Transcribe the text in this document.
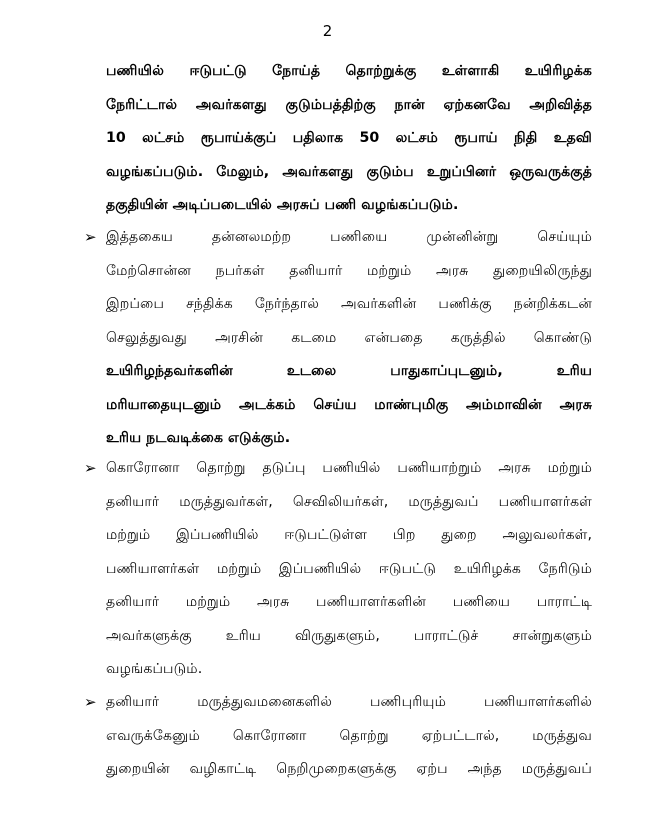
2
பணியில் ஈடுபட்டு நோய்த் தொற்றுக்கு உள்ளாகி உயிரிழக்க
நேரிட்டால் அவர்களது குடும்பத்திற்கு நான் ஏற்கனவே அறிவித்த
10 லட்சம் ரூபாய்க்குப் பதிலாக 50 லட்சம் ரூபாய் நிதி உதவி
வழங்கப்படும். மேலும், அவர்களது குடும்ப உறுப்பினர் ஒருவருக்குத்
தகுதியின் அடிப்படையில் அரசுப் பணி வழங்கப்படும்.
➢ இத்தகைய தன்னலமற்ற பணியை முன்னின்று செய்யும்
மேற்சொன்ன நபர்கள் தனியார் மற்றும் அரசு துறையிலிருந்து
இறப்பை சந்திக்க நேர்ந்தால் அவர்களின் பணிக்கு நன்றிக்கடன்
செலுத்துவது அரசின் கடமை என்பதை கருத்தில் கொண்டு
உயிரிழந்தவர்களின் உடலை பாதுகாப்புடனும், உரிய
மரியாதையுடனும் அடக்கம் செய்ய மாண்புமிகு அம்மாவின் அரசு
உரிய நடவடிக்கை எடுக்கும்.
➢ கொரோனா தொற்று தடுப்பு பணியில் பணியாற்றும் அரசு மற்றும்
தனியார் மருத்துவர்கள், செவிலியர்கள், மருத்துவப் பணியாளர்கள்
மற்றும் இப்பணியில் ஈடுபட்டுள்ள பிற துறை அலுவலர்கள்,
பணியாளர்கள் மற்றும் இப்பணியில் ஈடுபட்டு உயிரிழக்க நேரிடும்
தனியார் மற்றும் அரசு பணியாளர்களின் பணியை பாராட்டி
அவர்களுக்கு உரிய விருதுகளும், பாராட்டுச் சான்றுகளும்
வழங்கப்படும்.
➢ தனியார் மருத்துவமனைகளில் பணிபுரியும் பணியாளர்களில்
எவருக்கேனும் கொரோனா தொற்று ஏற்பட்டால், மருத்துவ
துறையின் வழிகாட்டி நெறிமுறைகளுக்கு ஏற்ப அந்த மருத்துவப்
